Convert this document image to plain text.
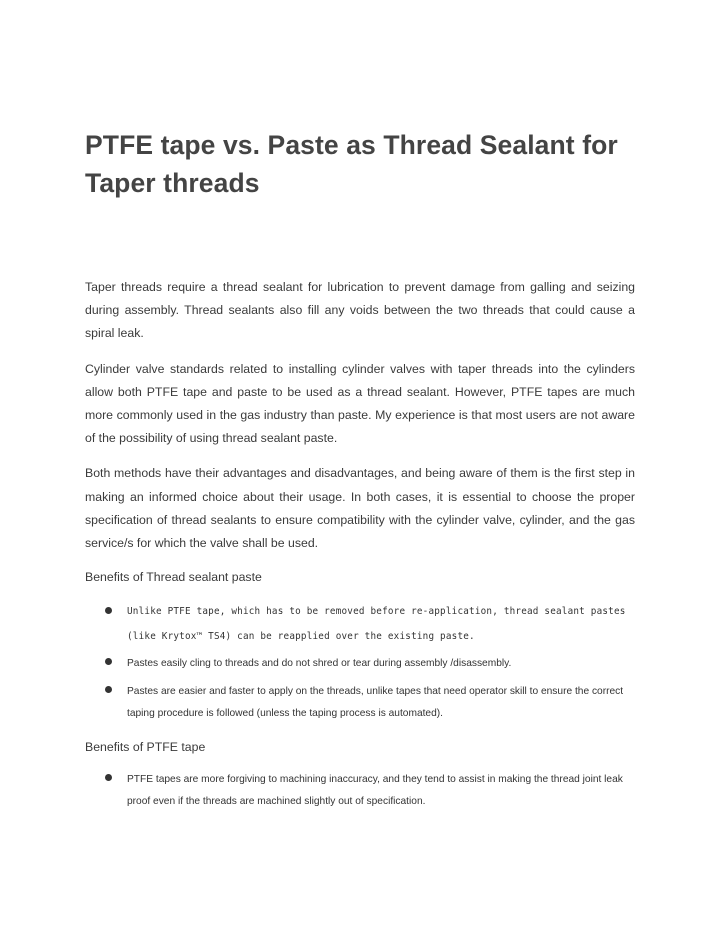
PTFE tape vs. Paste as Thread Sealant for Taper threads

Taper threads require a thread sealant for lubrication to prevent damage from galling and seizing during assembly. Thread sealants also fill any voids between the two threads that could cause a spiral leak.

Cylinder valve standards related to installing cylinder valves with taper threads into the cylinders allow both PTFE tape and paste to be used as a thread sealant. However, PTFE tapes are much more commonly used in the gas industry than paste. My experience is that most users are not aware of the possibility of using thread sealant paste.

Both methods have their advantages and disadvantages, and being aware of them is the first step in making an informed choice about their usage. In both cases, it is essential to choose the proper specification of thread sealants to ensure compatibility with the cylinder valve, cylinder, and the gas service/s for which the valve shall be used.

Benefits of Thread sealant paste
Unlike PTFE tape, which has to be removed before re-application, thread sealant pastes (like Krytox™ TS4) can be reapplied over the existing paste.
Pastes easily cling to threads and do not shred or tear during assembly /disassembly.
Pastes are easier and faster to apply on the threads, unlike tapes that need operator skill to ensure the correct taping procedure is followed (unless the taping process is automated).
Benefits of PTFE tape
PTFE tapes are more forgiving to machining inaccuracy, and they tend to assist in making the thread joint leak proof even if the threads are machined slightly out of specification.
